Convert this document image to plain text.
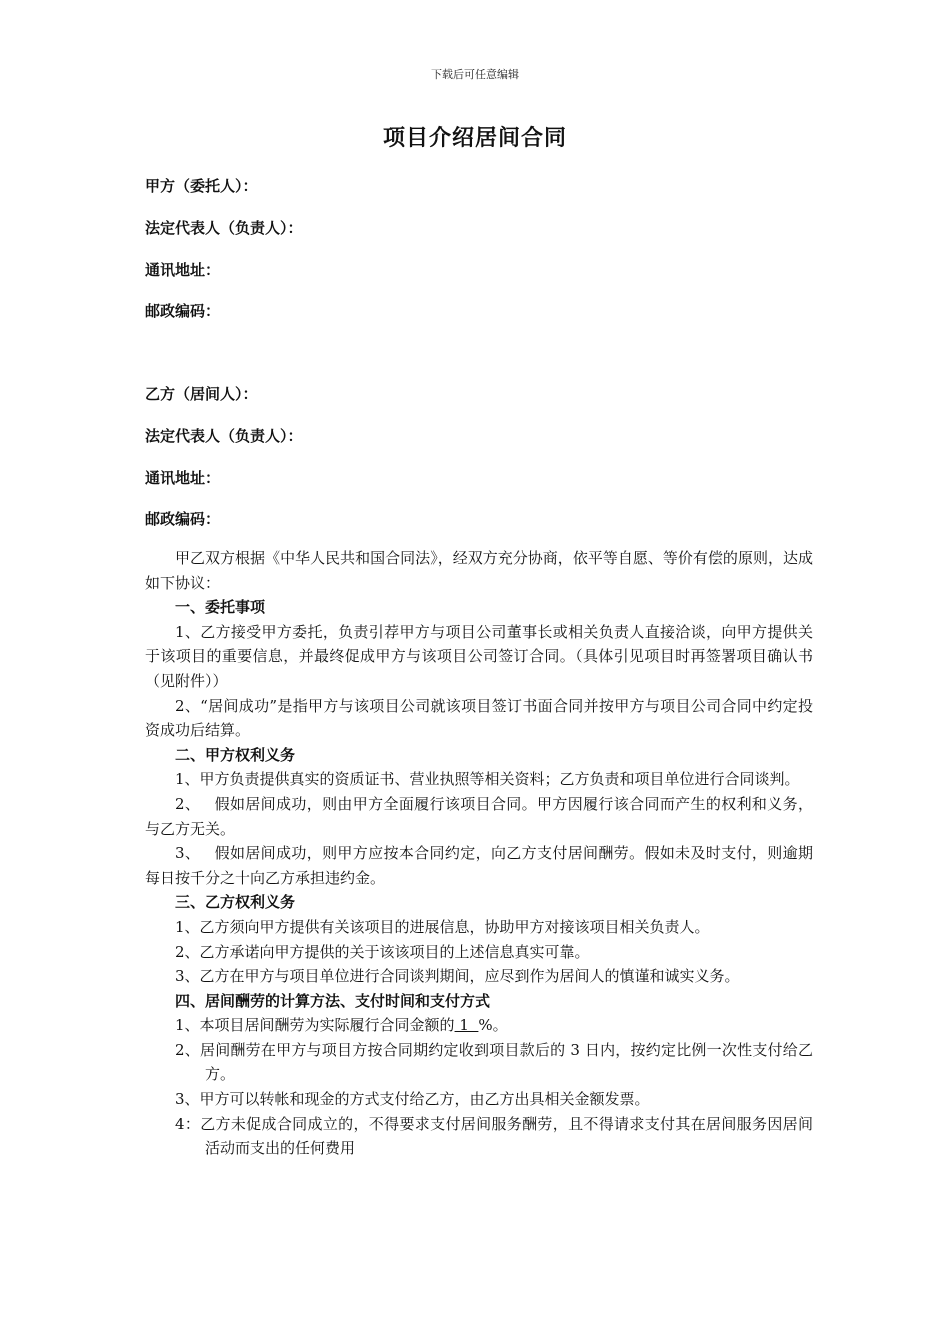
下载后可任意编辑
项目介绍居间合同
甲方（委托人）：
法定代表人（负责人）：
通讯地址：
邮政编码：
乙方（居间人）：
法定代表人（负责人）：
通讯地址：
邮政编码：

甲乙双方根据《中华人民共和国合同法》，经双方充分协商，依平等自愿、等价有偿的原则，达成如下协议：

一、委托事项

1、乙方接受甲方委托，负责引荐甲方与项目公司董事长或相关负责人直接洽谈，向甲方提供关于该项目的重要信息，并最终促成甲方与该项目公司签订合同。（具体引见项目时再签署项目确认书（见附件））

2、“居间成功”是指甲方与该项目公司就该项目签订书面合同并按甲方与项目公司合同中约定投资成功后结算。

二、甲方权利义务

1、甲方负责提供真实的资质证书、营业执照等相关资料；乙方负责和项目单位进行合同谈判。

2、 假如居间成功，则由甲方全面履行该项目合同。甲方因履行该合同而产生的权利和义务，与乙方无关。

3、 假如居间成功，则甲方应按本合同约定，向乙方支付居间酬劳。假如未及时支付，则逾期每日按千分之十向乙方承担违约金。

三、乙方权利义务

1、乙方须向甲方提供有关该项目的进展信息，协助甲方对接该项目相关负责人。

2、乙方承诺向甲方提供的关于该该项目的上述信息真实可靠。

3、乙方在甲方与项目单位进行合同谈判期间，应尽到作为居间人的慎谨和诚实义务。

四、居间酬劳的计算方法、支付时间和支付方式

1、本项目居间酬劳为实际履行合同金额的 1  %。

2、居间酬劳在甲方与项目方按合同期约定收到项目款后的 3 日内，按约定比例一次性支付给乙方。

3、甲方可以转帐和现金的方式支付给乙方，由乙方出具相关金额发票。

4：乙方未促成合同成立的，不得要求支付居间服务酬劳，且不得请求支付其在居间服务因居间活动而支出的任何费用
